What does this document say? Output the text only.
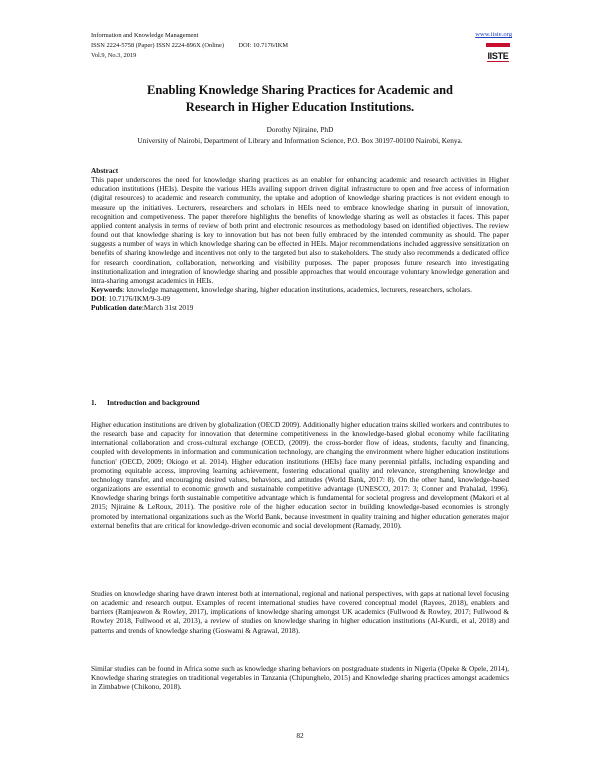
Information and Knowledge Management
ISSN 2224-5758 (Paper) ISSN 2224-896X (Online) DOI: 10.7176/IKM
Vol.9, No.3, 2019
www.iiste.org
IISTE
Enabling Knowledge Sharing Practices for Academic and
Research in Higher Education Institutions.
Dorothy Njiraine, PhD
University of Nairobi, Department of Library and Information Science, P.O. Box 30197-00100 Nairobi, Kenya.
Abstract

This paper underscores the need for knowledge sharing practices as an enabler for enhancing academic and research activities in Higher education institutions (HEIs). Despite the various HEIs availing support driven digital infrastructure to open and free access of information (digital resources) to academic and research community, the uptake and adoption of knowledge sharing practices is not evident enough to measure up the initiatives. Lecturers, researchers and scholars in HEIs need to embrace knowledge sharing in pursuit of innovation, recognition and competiveness. The paper therefore highlights the benefits of knowledge sharing as well as obstacles it faces. This paper applied content analysis in terms of review of both print and electronic resources as methodology based on identified objectives. The review found out that knowledge sharing is key to innovation but has not been fully embraced by the intended community as should. The paper suggests a number of ways in which knowledge sharing can be effected in HEIs. Major recommendations included aggressive sensitization on benefits of sharing knowledge and incentives not only to the targeted but also to stakeholders. The study also recommends a dedicated office for research coordination, collaboration, networking and visibility purposes. The paper proposes future research into investigating institutionalization and integration of knowledge sharing and possible approaches that would encourage voluntary knowledge generation and intra-sharing amongst academics in HEIs.

Keywords: knowledge management, knowledge sharing, higher education institutions, academics, lecturers, researchers, scholars.

DOI: 10.7176/IKM/9-3-09

Publication date:March 31st 2019

1. Introduction and background

Higher education institutions are driven by globalization (OECD 2009). Additionally higher education trains skilled workers and contributes to the research base and capacity for innovation that determine competitiveness in the knowledge-based global economy while facilitating international collaboration and cross-cultural exchange (OECD, (2009). the cross-border flow of ideas, students, faculty and financing, coupled with developments in information and communication technology, are changing the environment where higher education institutions function' (OECD, 2009; Okiogo et al. 2014). Higher education institutions (HEIs) face many perennial pitfalls, including expanding and promoting equitable access, improving learning achievement, fostering educational quality and relevance, strengthening knowledge and technology transfer, and encouraging desired values, behaviors, and attitudes (World Bank, 2017: 8). On the other hand, knowledge-based organizations are essential to economic growth and sustainable competitive advantage (UNESCO, 2017: 3; Conner and Prahalad, 1996). Knowledge sharing brings forth sustainable competitive advantage which is fundamental for societal progress and development (Makori et al 2015; Njiraine & LeRoux, 2011). The positive role of the higher education sector in building knowledge-based economies is strongly promoted by international organizations such as the World Bank, because investment in quality training and higher education generates major external benefits that are critical for knowledge-driven economic and social development (Ramady, 2010).

Studies on knowledge sharing have drawn interest both at international, regional and national perspectives, with gaps at national level focusing on academic and research output. Examples of recent international studies have covered conceptual model (Rayees, 2018), enablers and barriers (Ramjeawon & Rowley, 2017), implications of knowledge sharing amongst UK academics (Fullwood & Rowley, 2017; Fullwood & Rowley 2018, Fullwood et al, 2013), a review of studies on knowledge sharing in higher education institutions (Al-Kurdi, et al, 2018) and patterns and trends of knowledge sharing (Goswami & Agrawal, 2018).

Similar studies can be found in Africa some such as knowledge sharing behaviors on postgraduate students in Nigeria (Opeke & Opele, 2014), Knowledge sharing strategies on traditional vegetables in Tanzania (Chipunghelo, 2015) and Knowledge sharing practices amongst academics in Zimbabwe (Chikono, 2018).

82
